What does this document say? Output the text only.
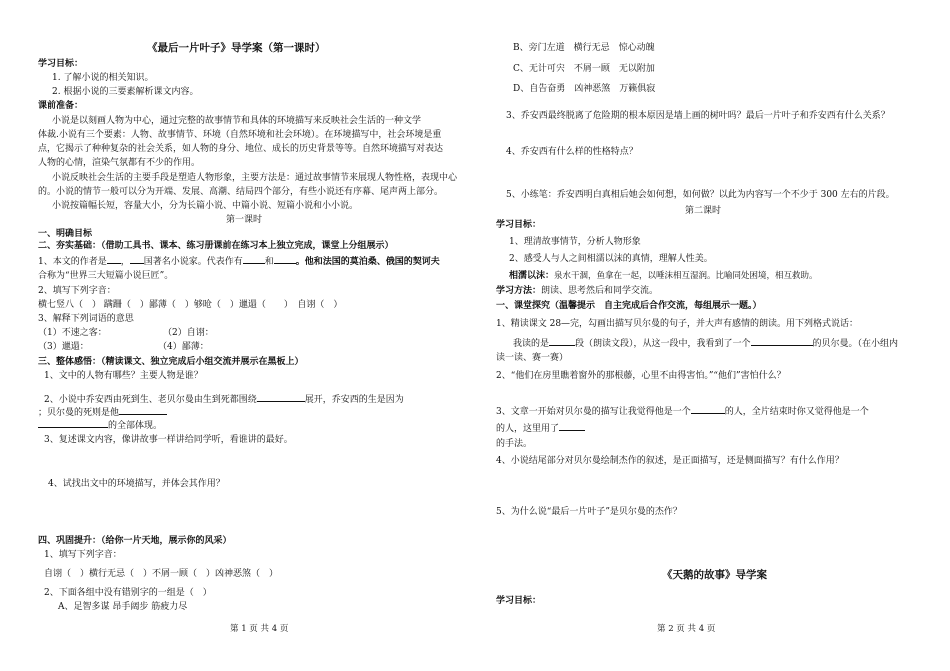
《最后一片叶子》导学案（第一课时）
学习目标：
1. 了解小说的相关知识。
2. 根据小说的三要素解析课文内容。
课前准备：
小说是以刻画人物为中心，通过完整的故事情节和具体的环境描写来反映社会生活的一种文学
体裁.小说有三个要素：人物、故事情节、环境（自然环境和社会环境）。在环境描写中，社会环境是重
点，它揭示了种种复杂的社会关系，如人物的身分、地位、成长的历史背景等等。自然环境描写对表达
人物的心情，渲染气氛都有不少的作用。
小说反映社会生活的主要手段是塑造人物形象，主要方法是：通过故事情节来展现人物性格，表现中心
的。小说的情节一般可以分为开端、发展、高潮、结局四个部分，有些小说还有序幕、尾声两上部分。
小说按篇幅长短，容量大小，分为长篇小说、中篇小说、短篇小说和小小说。
第一课时
一、明确目标
二、夯实基础：（借助工具书、课本、练习册课前在练习本上独立完成，课堂上分组展示）
1、本文的作者是 ， 国著名小说家。代表作有 和 。他和法国的莫泊桑、俄国的契诃夫
合称为“世界三大短篇小说巨匠”。
2、填写下列字音：
横七竖八（　） 蹒跚（　）鄙薄（　）够呛（　）邋遢（　　）　自诩（　）
3、解释下列词语的意思
（1）不速之客：	（2）自诩：
（3）邋遢：	（4）鄙薄：
三、整体感悟：（精读课文、独立完成后小组交流并展示在黑板上）
1、文中的人物有哪些？主要人物是谁？
2、小说中乔安西由死到生、老贝尔曼由生到死都围绕	展开，乔安西的生是因为
；贝尔曼的死则是他
的全部体现。
3、复述课文内容，像讲故事一样讲给同学听，看谁讲的最好。
4、试找出文中的环境描写，并体会其作用？
四、巩固提升：（给你一片天地，展示你的风采）
1、填写下列字音：
自诩（　）横行无忌（　）不屑一顾（　）凶神恶煞（　）
2、下面各组中没有错别字的一组是（　）
A、足智多谋 昂手阔步 筋疲力尽
第 1 页 共 4 页
B、旁门左道　横行无忌　惊心动魄
C、无计可宍　不屑一顾　无以附加
D、自告奋勇　凶神恶煞　万籁俱寂
3、乔安西最终脱离了危险期的根本原因是墙上画的树叶吗？最后一片叶子和乔安西有什么关系？
4、乔安西有什么样的性格特点？
5、小练笔：乔安西明白真相后她会如何想，如何做？以此为内容写一个不少于 300 左右的片段。
第二课时
学习目标：
1、理清故事情节，分析人物形象
2、感受人与人之间相濡以沫的真情，理解人性美。
相濡以沫：泉水干涸，鱼拿在一起，以唾沫相互湿润。比喻同处困境，相互救助。
学习方法：朗读、思考然后和同学交流。
一、课堂探究（温馨提示　自主完成后合作交流，每组展示一题。）
1、精读课文 28—完，勾画出描写贝尔曼的句子，并大声有感情的朗读。用下列格式说话：
我读的是	段（朗读文段），从这一段中，我看到了一个	的贝尔曼。（在小组内
读一读、赛一赛）
2、“他们在房里瞧着窗外的那根藤，心里不由得害怕。”“他们”害怕什么？
3、文章一开始对贝尔曼的描写让我觉得他是一个	的人，全片结束时你又觉得他是一个
的人，这里用了
的手法。
4、小说结尾部分对贝尔曼绘制杰作的叙述，是正面描写，还是侧面描写？有什么作用？
5、为什么说“最后一片叶子”是贝尔曼的杰作？
《天鹅的故事》导学案
学习目标：
第 2 页 共 4 页
